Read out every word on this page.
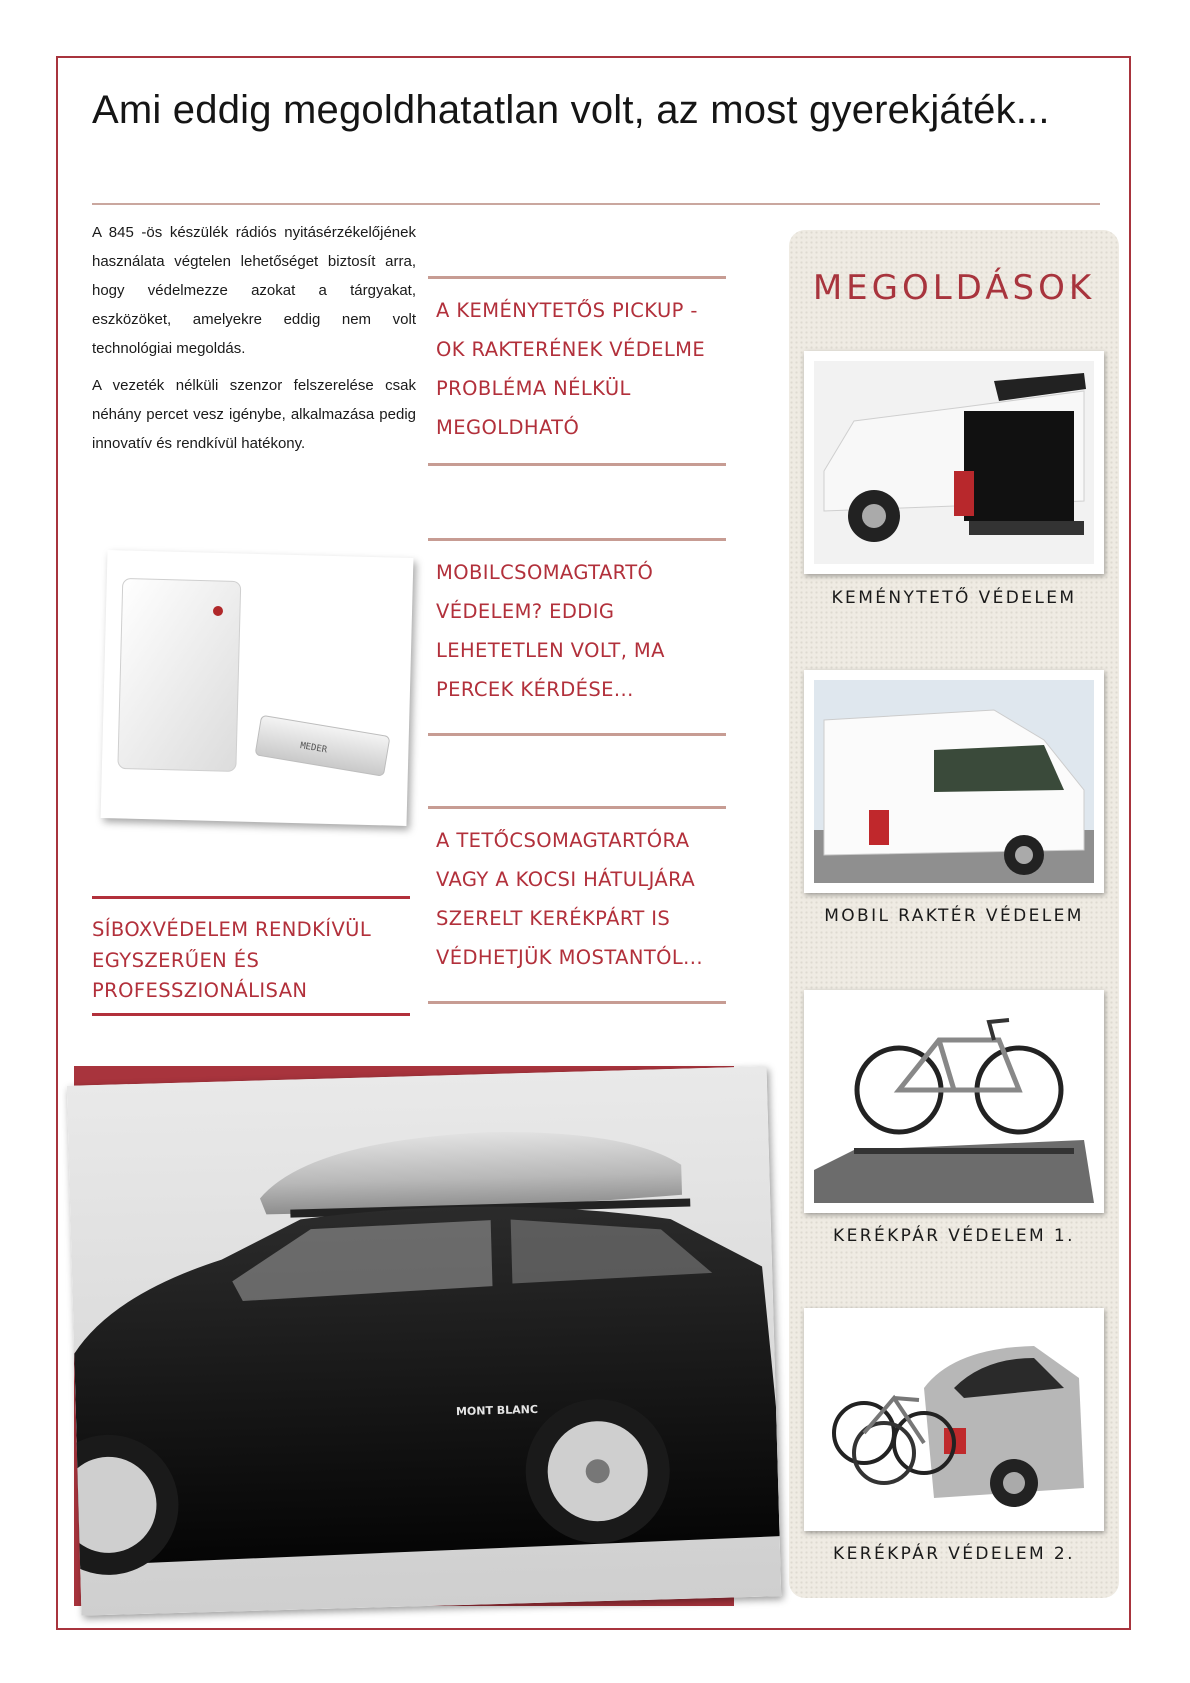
Ami eddig megoldhatatlan volt, az most gyerekjáték...

A 845 -ös készülék rádiós nyitásérzékelőjének használata végtelen lehetőséget biztosít arra, hogy védelmezze azokat a tárgyakat, eszközöket, amelyekre eddig nem volt technológiai megoldás.

A vezeték nélküli szenzor felszerelése csak néhány percet vesz igénybe, alkalmazása pedig innovatív és rendkívül hatékony.

A KEMÉNYTETŐS PICKUP - OK RAKTERÉNEK VÉDELME PROBLÉMA NÉLKÜL MEGOLDHATÓ
MOBILCSOMAGTARTÓ VÉDELEM? EDDIG LEHETETLEN VOLT, MA PERCEK KÉRDÉSE...
A TETŐCSOMAGTARTÓRA VAGY A KOCSI HÁTULJÁRA SZERELT KERÉKPÁRT IS VÉDHETJÜK MOSTANTÓL...
SÍBOXVÉDELEM RENDKÍVÜL EGYSZERŰEN ÉS PROFESSZIONÁLISAN
MEDER
MONT BLANC
MEGOLDÁSOK
KEMÉNYTETŐ VÉDELEM
MOBIL RAKTÉR VÉDELEM
KERÉKPÁR VÉDELEM 1.
KERÉKPÁR VÉDELEM 2.
